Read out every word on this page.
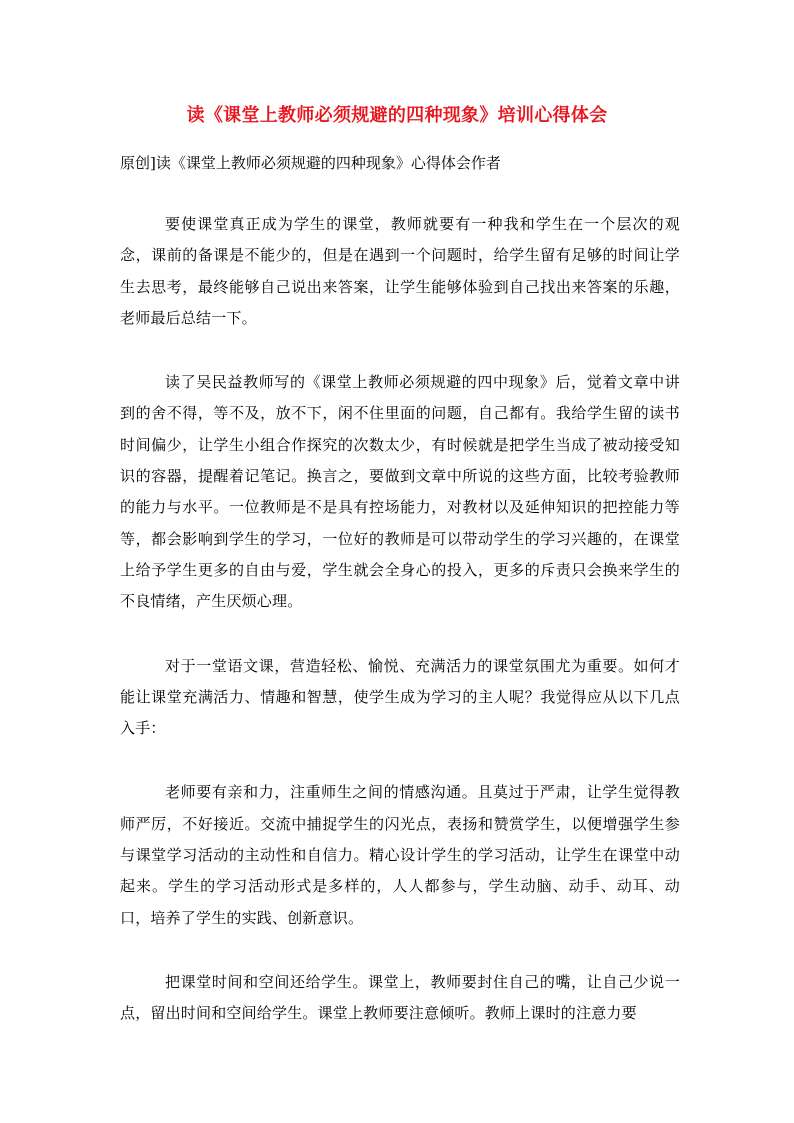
读《课堂上教师必须规避的四种现象》培训心得体会
原创]读《课堂上教师必须规避的四种现象》心得体会作者

要使课堂真正成为学生的课堂，教师就要有一种我和学生在一个层次的观念，课前的备课是不能少的，但是在遇到一个问题时，给学生留有足够的时间让学生去思考，最终能够自己说出来答案，让学生能够体验到自己找出来答案的乐趣，老师最后总结一下。

读了吴民益教师写的《课堂上教师必须规避的四中现象》后，觉着文章中讲到的舍不得，等不及，放不下，闲不住里面的问题，自己都有。我给学生留的读书时间偏少，让学生小组合作探究的次数太少，有时候就是把学生当成了被动接受知识的容器，提醒着记笔记。换言之，要做到文章中所说的这些方面，比较考验教师的能力与水平。一位教师是不是具有控场能力，对教材以及延伸知识的把控能力等等，都会影响到学生的学习，一位好的教师是可以带动学生的学习兴趣的，在课堂上给予学生更多的自由与爱，学生就会全身心的投入，更多的斥责只会换来学生的不良情绪，产生厌烦心理。

对于一堂语文课，营造轻松、愉悦、充满活力的课堂氛围尤为重要。如何才能让课堂充满活力、情趣和智慧，使学生成为学习的主人呢？我觉得应从以下几点入手：

老师要有亲和力，注重师生之间的情感沟通。且莫过于严肃，让学生觉得教师严厉，不好接近。交流中捕捉学生的闪光点，表扬和赞赏学生，以便增强学生参与课堂学习活动的主动性和自信力。精心设计学生的学习活动，让学生在课堂中动起来。学生的学习活动形式是多样的，人人都参与，学生动脑、动手、动耳、动口，培养了学生的实践、创新意识。

把课堂时间和空间还给学生。课堂上，教师要封住自己的嘴，让自己少说一点，留出时间和空间给学生。课堂上教师要注意倾听。教师上课时的注意力要
